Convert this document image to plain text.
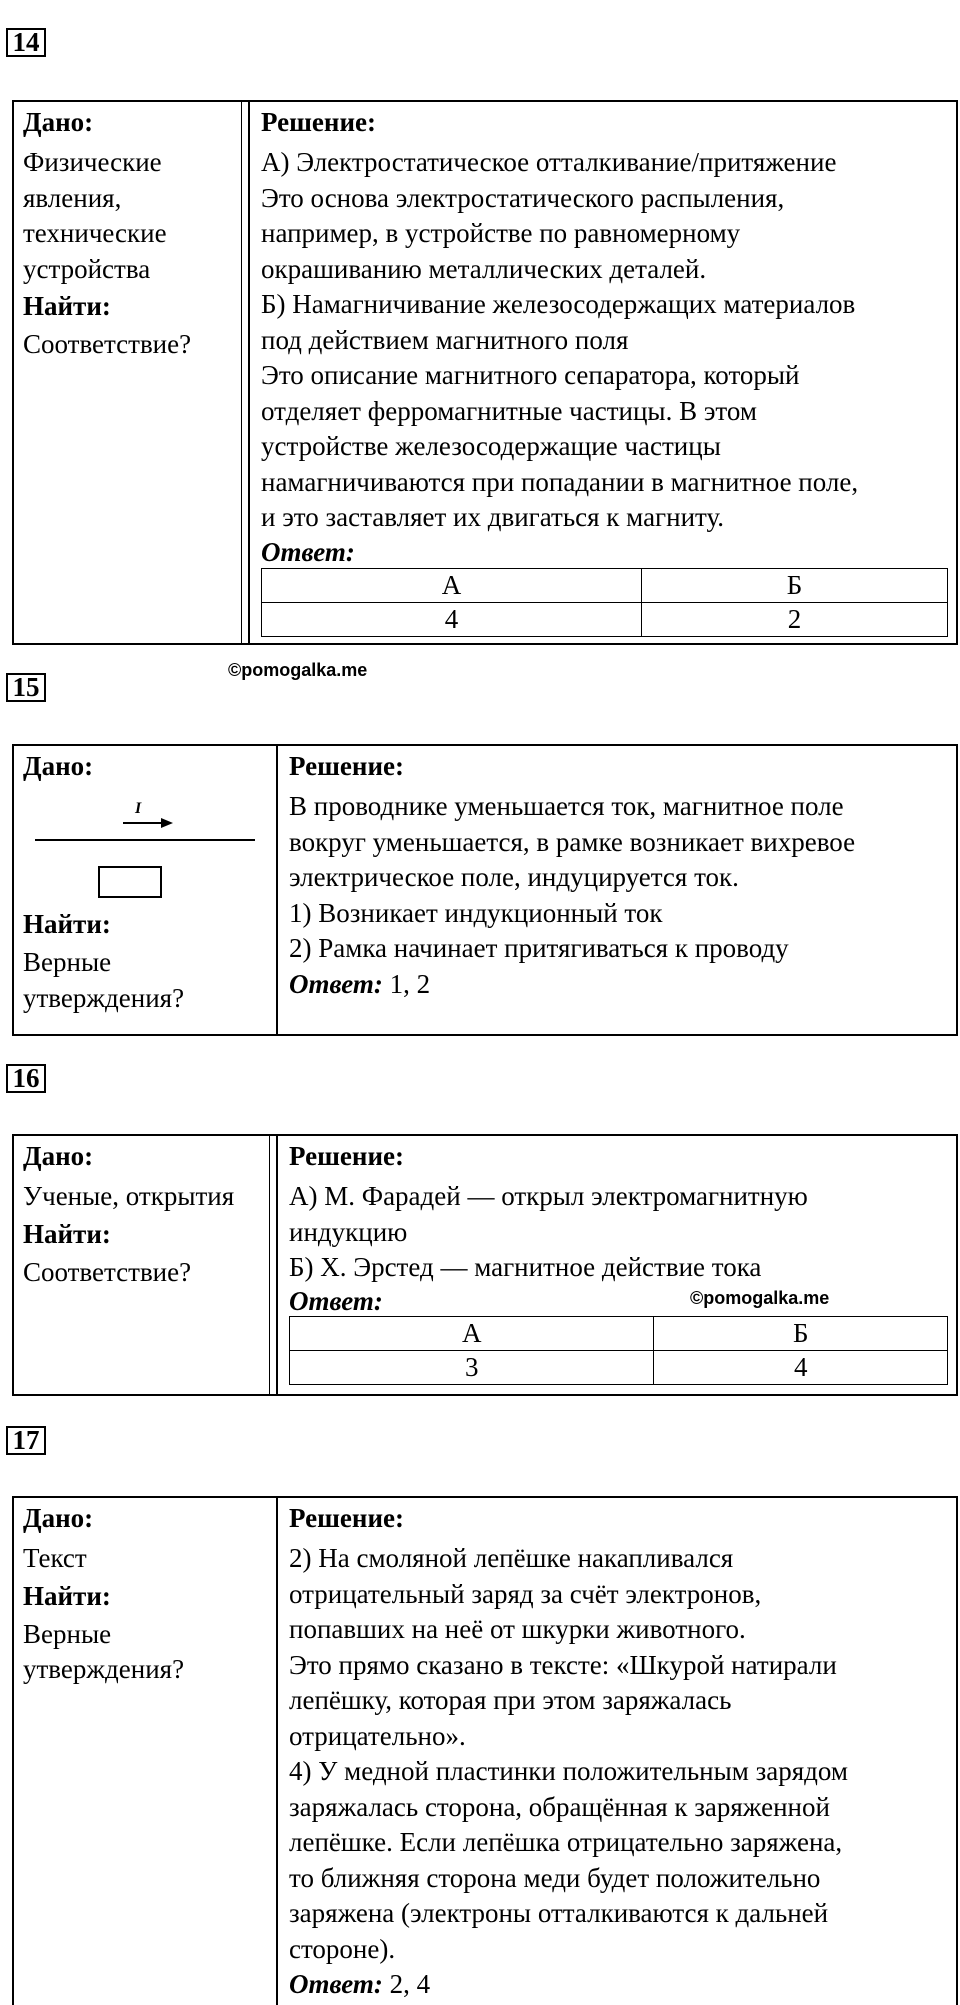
14
Дано:
Физические явления, технические устройства
Найти:
Соответствие?
Решение:
А) Электростатическое отталкивание/притяжение
Это основа электростатического распыления,
например, в устройстве по равномерному
окрашиванию металлических деталей.
Б) Намагничивание железосодержащих материалов
под действием магнитного поля
Это описание магнитного сепаратора, который
отделяет ферромагнитные частицы. В этом
устройстве железосодержащие частицы
намагничиваются при попадании в магнитное поле,
и это заставляет их двигаться к магниту.
Ответ:
А	Б
4	2
©pomogalka.me
15
Дано:
I
Найти:
Верные утверждения?
Решение:
В проводнике уменьшается ток, магнитное поле
вокруг уменьшается, в рамке возникает вихревое
электрическое поле, индуцируется ток.
1) Возникает индукционный ток
2) Рамка начинает притягиваться к проводу
Ответ: 1, 2
16
Дано:
Ученые, открытия
Найти:
Соответствие?
Решение:
А) М. Фарадей — открыл электромагнитную
индукцию
Б) Х. Эрстед — магнитное действие тока
Ответ:	©pomogalka.me
А	Б
3	4
17
Дано:
Текст
Найти:
Верные утверждения?
Решение:
2) На смоляной лепёшке накапливался
отрицательный заряд за счёт электронов,
попавших на неё от шкурки животного.
Это прямо сказано в тексте: «Шкурой натирали
лепёшку, которая при этом заряжалась
отрицательно».
4) У медной пластинки положительным зарядом
заряжалась сторона, обращённая к заряженной
лепёшке. Если лепёшка отрицательно заряжена,
то ближняя сторона меди будет положительно
заряжена (электроны отталкиваются к дальней
стороне).
Ответ: 2, 4
